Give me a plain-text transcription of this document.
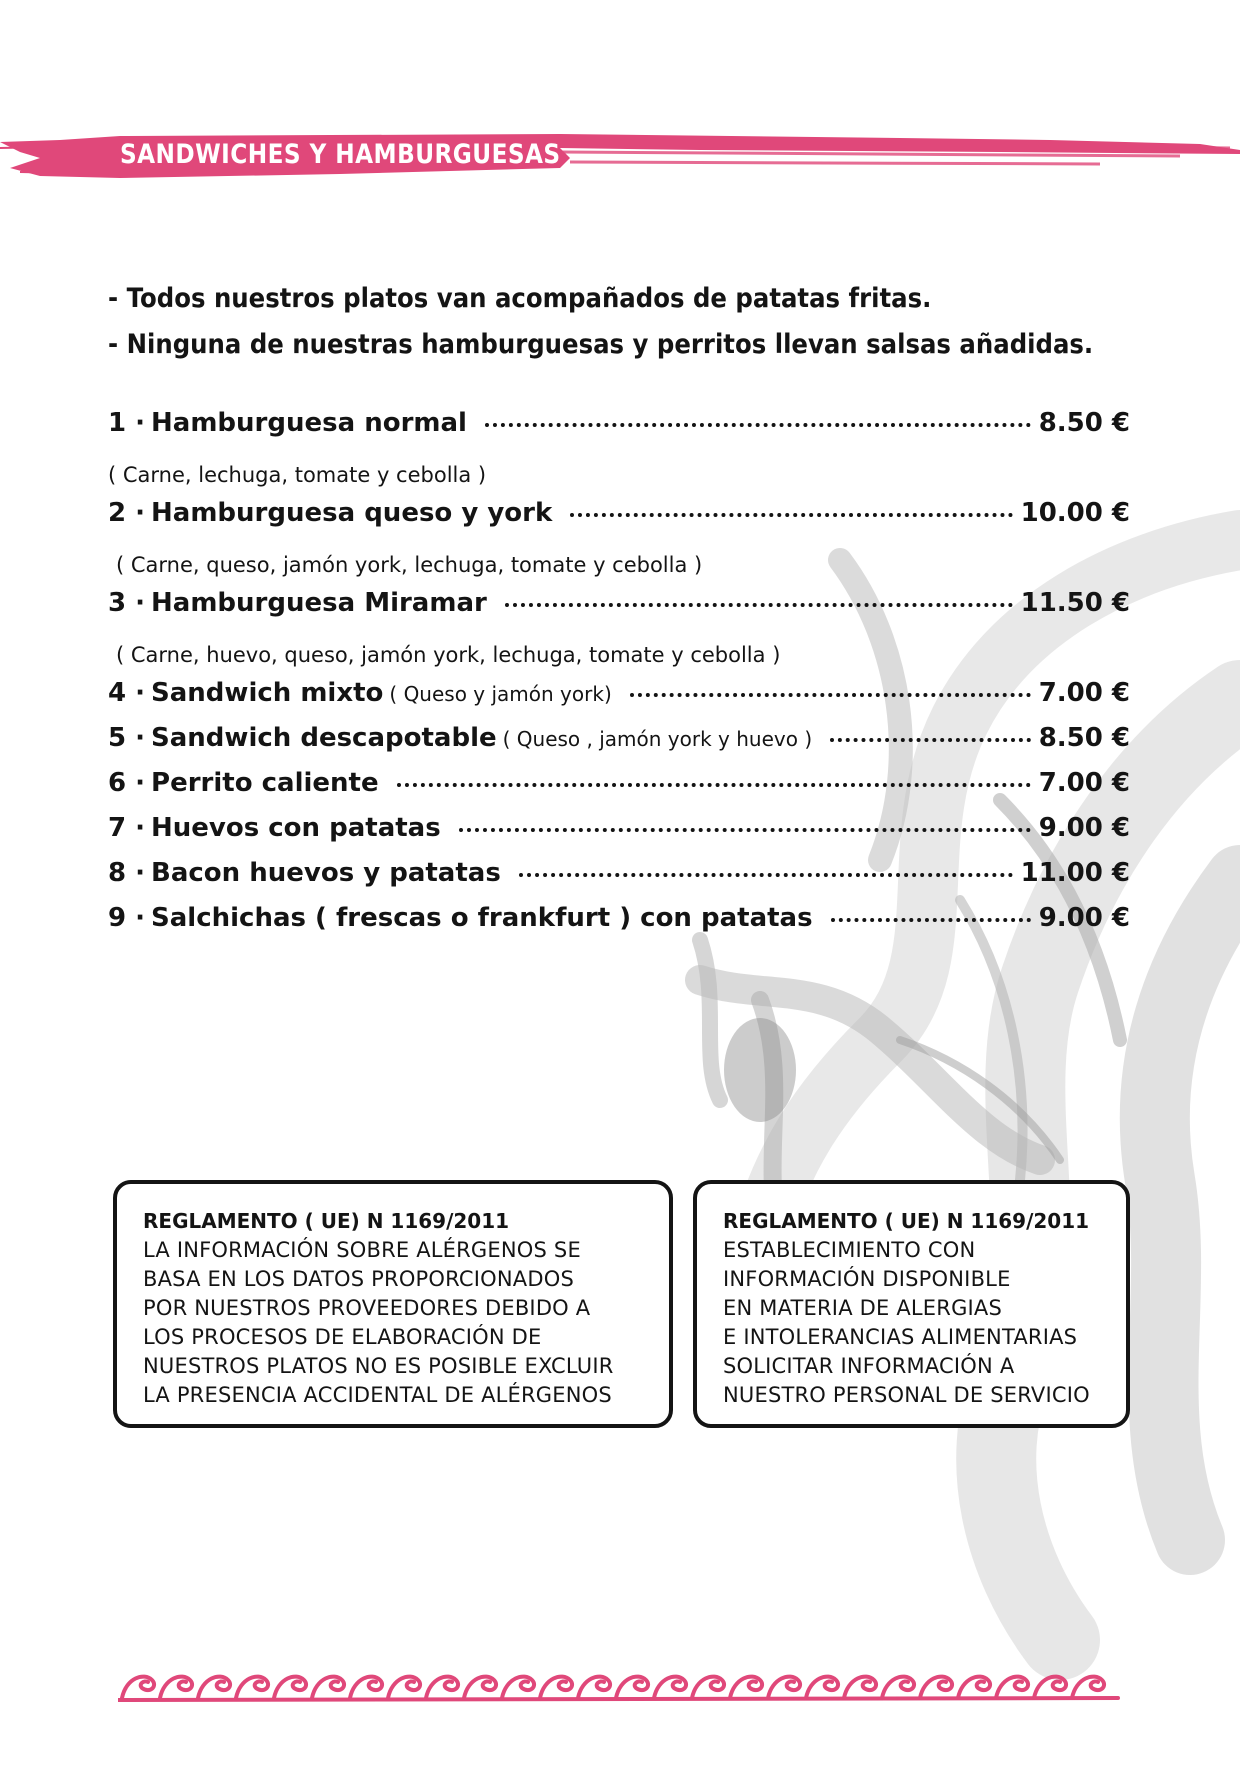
SANDWICHES Y HAMBURGUESAS
- Todos nuestros platos van acompañados de patatas fritas.
- Ninguna de nuestras hamburguesas y perritos llevan salsas añadidas.
1 · Hamburguesa normal	8.50 €
( Carne, lechuga, tomate y cebolla )
2 · Hamburguesa queso y york	10.00 €
( Carne, queso, jamón york, lechuga, tomate y cebolla )
3 · Hamburguesa Miramar	11.50 €
( Carne, huevo, queso, jamón york, lechuga, tomate y cebolla )
4 · Sandwich mixto ( Queso y jamón york)	7.00 €
5 · Sandwich descapotable ( Queso , jamón york y huevo )	8.50 €
6 · Perrito caliente	7.00 €
7 · Huevos con patatas	9.00 €
8 · Bacon huevos y patatas	11.00 €
9 · Salchichas ( frescas o frankfurt ) con patatas	9.00 €
REGLAMENTO ( UE) N 1169/2011
LA INFORMACIÓN SOBRE ALÉRGENOS SE
BASA EN LOS DATOS PROPORCIONADOS
POR NUESTROS PROVEEDORES DEBIDO A
LOS PROCESOS DE ELABORACIÓN DE
NUESTROS PLATOS NO ES POSIBLE EXCLUIR
LA PRESENCIA ACCIDENTAL DE ALÉRGENOS
REGLAMENTO ( UE) N 1169/2011
ESTABLECIMIENTO CON
INFORMACIÓN DISPONIBLE
EN MATERIA DE ALERGIAS
E INTOLERANCIAS ALIMENTARIAS
SOLICITAR INFORMACIÓN A
NUESTRO PERSONAL DE SERVICIO
